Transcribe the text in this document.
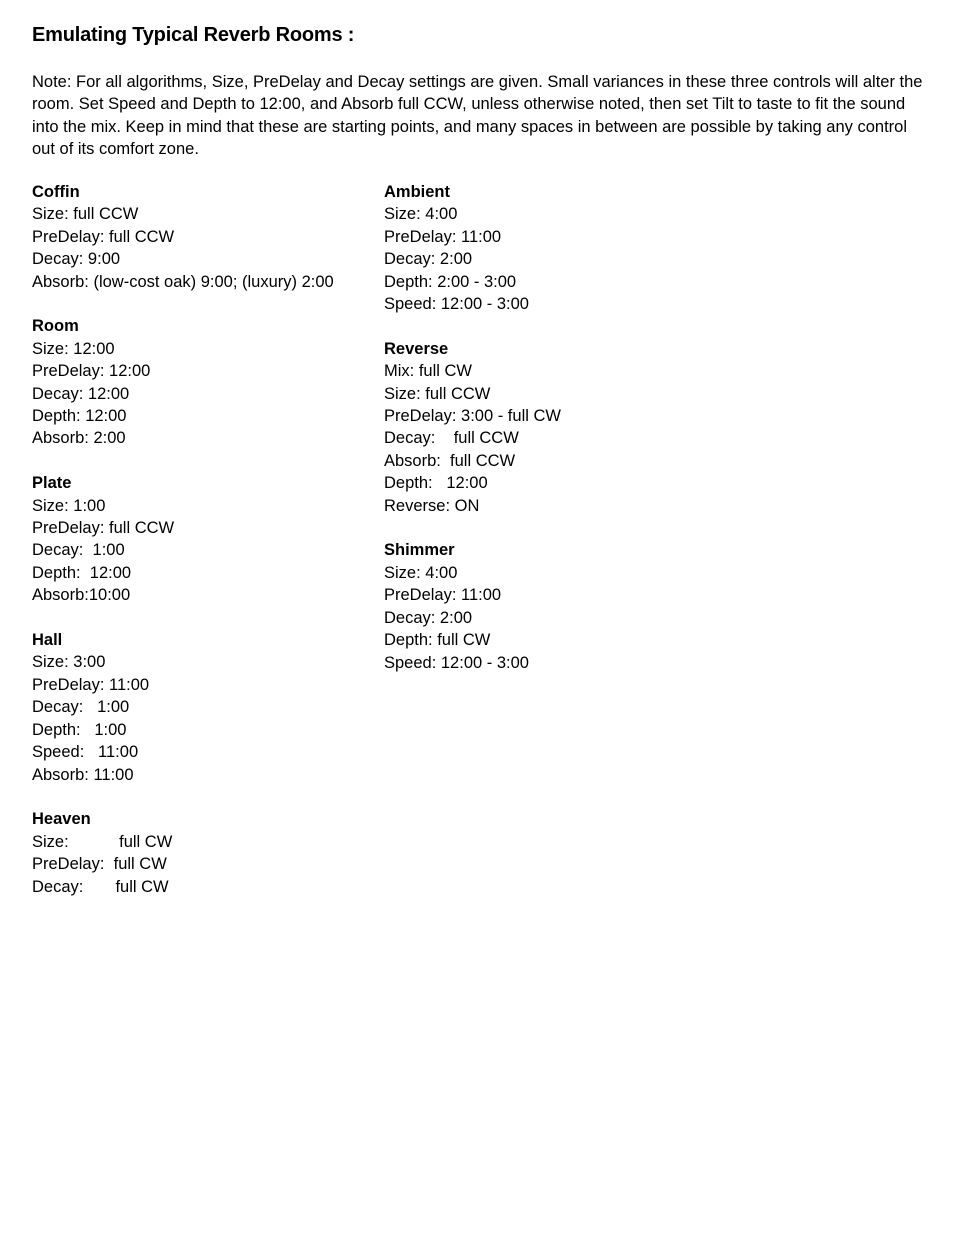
Emulating Typical Reverb Rooms :

Note: For all algorithms, Size, PreDelay and Decay settings are given. Small variances in these three controls will alter the room. Set Speed and Depth to 12:00, and Absorb full CCW, unless otherwise noted, then set Tilt to taste to fit the sound into the mix. Keep in mind that these are starting points, and many spaces in between are possible by taking any control out of its comfort zone.

Coffin
Size: full CCW
PreDelay: full CCW
Decay: 9:00
Absorb: (low-cost oak) 9:00; (luxury) 2:00
Room
Size: 12:00
PreDelay: 12:00
Decay: 12:00
Depth: 12:00
Absorb: 2:00
Plate
Size: 1:00
PreDelay: full CCW
Decay:  1:00
Depth:  12:00
Absorb:10:00
Hall
Size: 3:00
PreDelay: 11:00
Decay:   1:00
Depth:   1:00
Speed:   11:00
Absorb: 11:00
Heaven
Size:           full CW
PreDelay:  full CW
Decay:       full CW
Ambient
Size: 4:00
PreDelay: 11:00
Decay: 2:00
Depth: 2:00 - 3:00
Speed: 12:00 - 3:00
Reverse
Mix: full CW
Size: full CCW
PreDelay: 3:00 - full CW
Decay:    full CCW
Absorb:  full CCW
Depth:   12:00
Reverse: ON
Shimmer
Size: 4:00
PreDelay: 11:00
Decay: 2:00
Depth: full CW
Speed: 12:00 - 3:00
